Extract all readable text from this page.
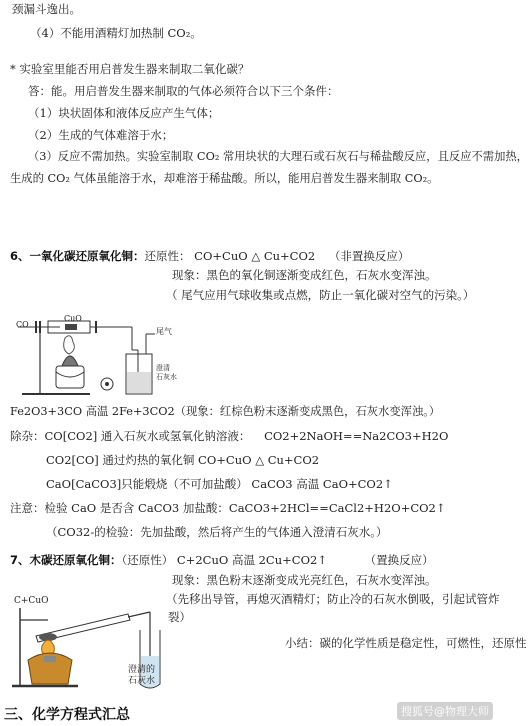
颈漏斗逸出。
（4）不能用酒精灯加热制 CO₂。
* 实验室里能否用启普发生器来制取二氧化碳？
答：能。用启普发生器来制取的气体必须符合以下三个条件：
（1）块状固体和液体反应产生气体；
（2）生成的气体难溶于水；
（3）反应不需加热。实验室制取 CO₂ 常用块状的大理石或石灰石与稀盐酸反应，且反应不需加热，
生成的 CO₂ 气体虽能溶于水，却难溶于稀盐酸。所以，能用启普发生器来制取 CO₂。
6、一氧化碳还原氧化铜：还原性： CO+CuO △ Cu+CO2 （非置换反应）
现象：黑色的氧化铜逐渐变成红色，石灰水变浑浊。
（ 尾气应用气球收集或点燃，防止一氧化碳对空气的污染。）
CO
CuO
尾气
澄清
石灰水
Fe2O3+3CO 高温 2Fe+3CO2（现象：红棕色粉末逐渐变成黑色，石灰水变浑浊。）
除杂：CO[CO2] 通入石灰水或氢氧化钠溶液： CO2+2NaOH==Na2CO3+H2O
CO2[CO] 通过灼热的氧化铜 CO+CuO △ Cu+CO2
CaO[CaCO3]只能煅烧（不可加盐酸） CaCO3 高温 CaO+CO2↑
注意：检验 CaO 是否含 CaCO3 加盐酸：CaCO3+2HCl==CaCl2+H2O+CO2↑
（CO32-的检验：先加盐酸，然后将产生的气体通入澄清石灰水。）
7、木碳还原氧化铜：（还原性） C+2CuO 高温 2Cu+CO2↑	（置换反应）
现象：黑色粉末逐渐变成光亮红色，石灰水变浑浊。
（先移出导管，再熄灭酒精灯；防止冷的石灰水倒吸，引起试管炸
裂）
小结：碳的化学性质是稳定性，可燃性，还原性
C+CuO
澄清的
石灰水
三、化学方程式汇总	搜狐号@物理大师
